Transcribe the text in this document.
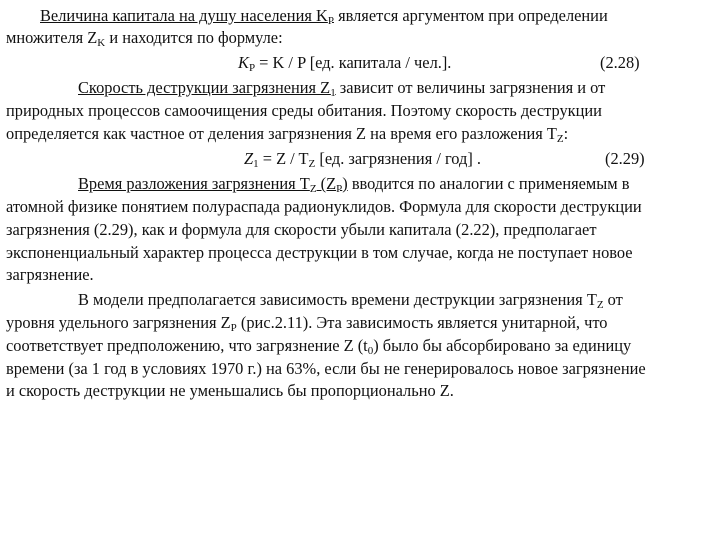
Величина капитала на душу населения $K_P$ является аргументом при определении
множителя $Z_K$ и находится по формуле:
$K_P = K / P$ [ед. капитала / чел.].	(2.28)
Скорость деструкции загрязнения $Z_1$ зависит от величины загрязнения и от
природных процессов самоочищения среды обитания. Поэтому скорость деструкции
определяется как частное от деления загрязнения Z на время его разложения $T_Z$:
$Z_1 = Z / T_Z$ [ед. загрязнения / год] .	(2.29)
Время разложения загрязнения $T_Z$ $(Z_P)$ вводится по аналогии с применяемым в
атомной физике понятием полураспада радионуклидов. Формула для скорости деструкции
загрязнения (2.29), как и формула для скорости убыли капитала (2.22), предполагает
экспоненциальный характер процесса деструкции в том случае, когда не поступает новое
загрязнение.
В модели предполагается зависимость времени деструкции загрязнения $T_Z$ от
уровня удельного загрязнения $Z_P$ (рис.2.11). Эта зависимость является унитарной, что
соответствует предположению, что загрязнение Z $(t_0)$ было бы абсорбировано за единицу
времени (за 1 год в условиях 1970 г.) на 63%, если бы не генерировалось новое загрязнение
и скорость деструкции не уменьшались бы пропорционально Z.
